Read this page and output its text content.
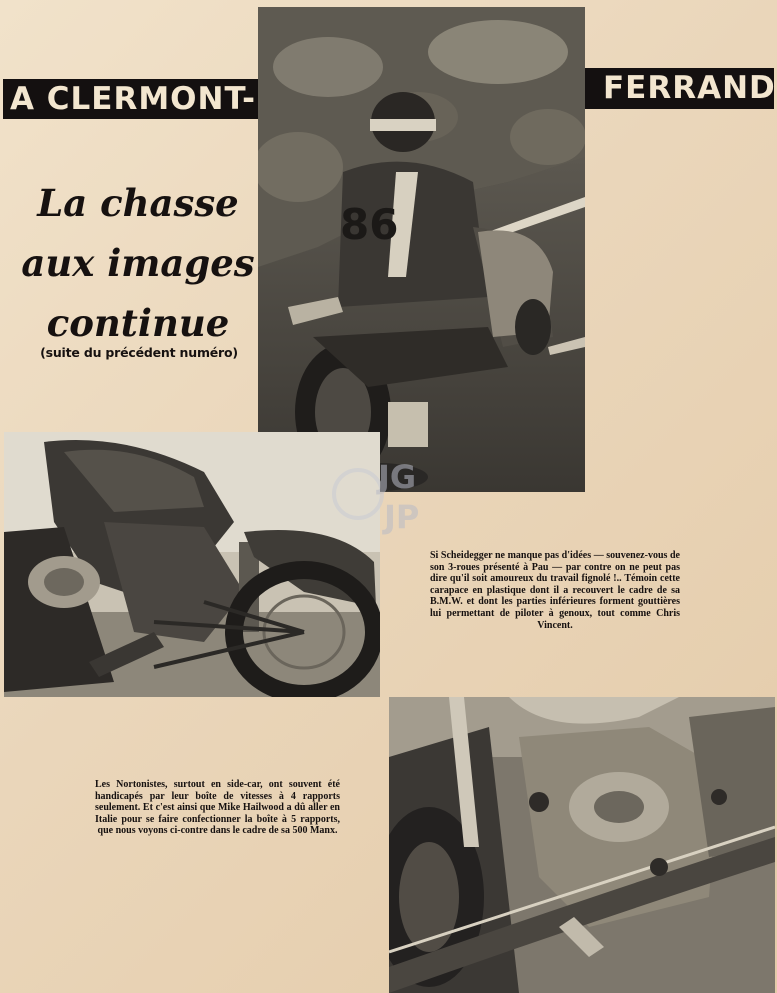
A CLERMONT-	FERRAND
86
La chasse
aux images
continue
(suite du précédent numéro)
Si Scheidegger ne manque pas d'idées — souvenez-vous de son 3-roues présenté à Pau — par contre on ne peut pas dire qu'il soit amoureux du travail fignolé !.. Témoin cette carapace en plastique dont il a recouvert le cadre de sa B.M.W. et dont les parties inférieures forment gouttières lui permettant de piloter à genoux, tout comme Chris Vincent.
Les Nortonistes, surtout en side-car, ont souvent été handicapés par leur boîte de vitesses à 4 rapports seulement. Et c'est ainsi que Mike Hailwood a dû aller en Italie pour se faire confectionner la boîte à 5 rapports, que nous voyons ci-contre dans le cadre de sa 500 Manx.
JG
JP
